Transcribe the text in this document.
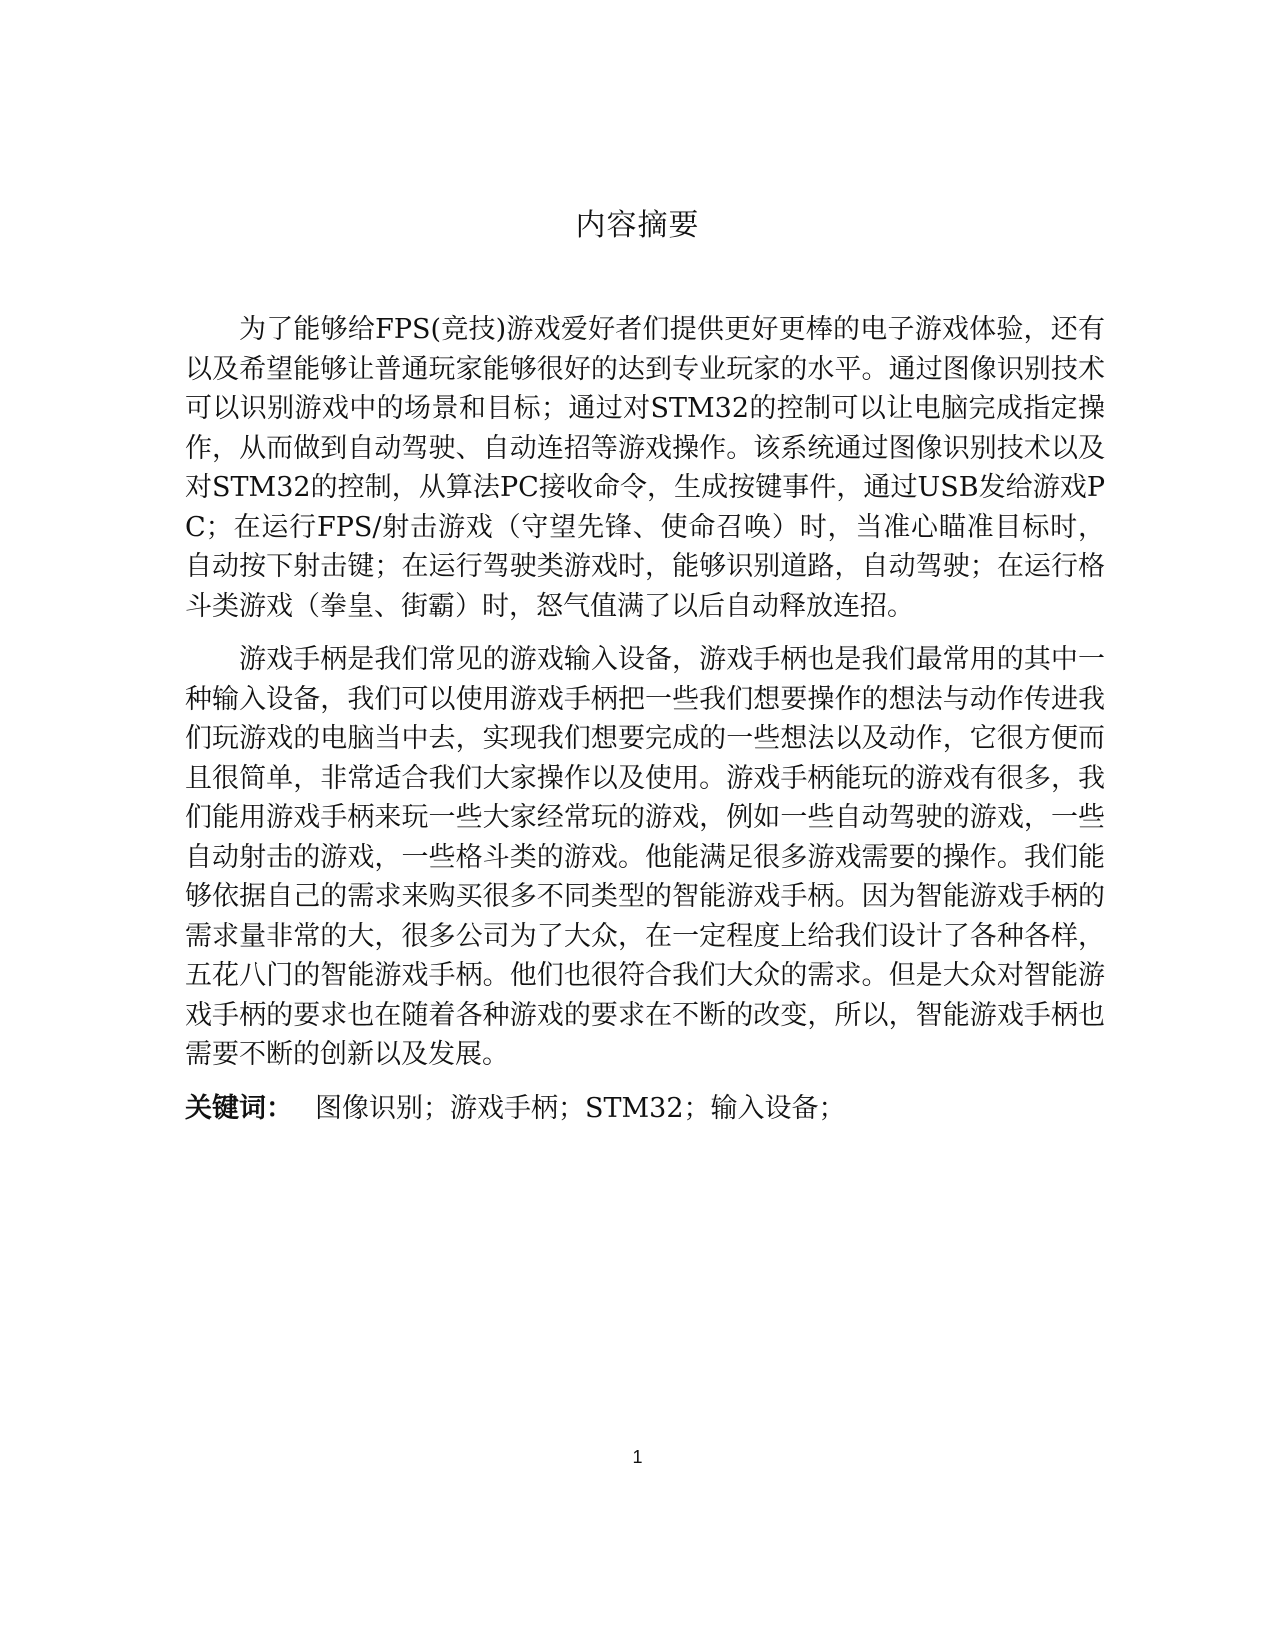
内容摘要

为了能够给FPS(竞技)游戏爱好者们提供更好更棒的电子游戏体验，还有以及希望能够让普通玩家能够很好的达到专业玩家的水平。通过图像识别技术可以识别游戏中的场景和目标；通过对STM32的控制可以让电脑完成指定操作，从而做到自动驾驶、自动连招等游戏操作。该系统通过图像识别技术以及对STM32的控制，从算法PC接收命令，生成按键事件，通过USB发给游戏PC；在运行FPS/射击游戏（守望先锋、使命召唤）时，当准心瞄准目标时，自动按下射击键；在运行驾驶类游戏时，能够识别道路，自动驾驶；在运行格斗类游戏（拳皇、街霸）时，怒气值满了以后自动释放连招。

游戏手柄是我们常见的游戏输入设备，游戏手柄也是我们最常用的其中一种输入设备，我们可以使用游戏手柄把一些我们想要操作的想法与动作传进我们玩游戏的电脑当中去，实现我们想要完成的一些想法以及动作，它很方便而且很简单，非常适合我们大家操作以及使用。游戏手柄能玩的游戏有很多，我们能用游戏手柄来玩一些大家经常玩的游戏，例如一些自动驾驶的游戏，一些自动射击的游戏，一些格斗类的游戏。他能满足很多游戏需要的操作。我们能够依据自己的需求来购买很多不同类型的智能游戏手柄。因为智能游戏手柄的需求量非常的大，很多公司为了大众，在一定程度上给我们设计了各种各样，五花八门的智能游戏手柄。他们也很符合我们大众的需求。但是大众对智能游戏手柄的要求也在随着各种游戏的要求在不断的改变，所以，智能游戏手柄也需要不断的创新以及发展。

关键词： 图像识别；游戏手柄；STM32；输入设备；
1
